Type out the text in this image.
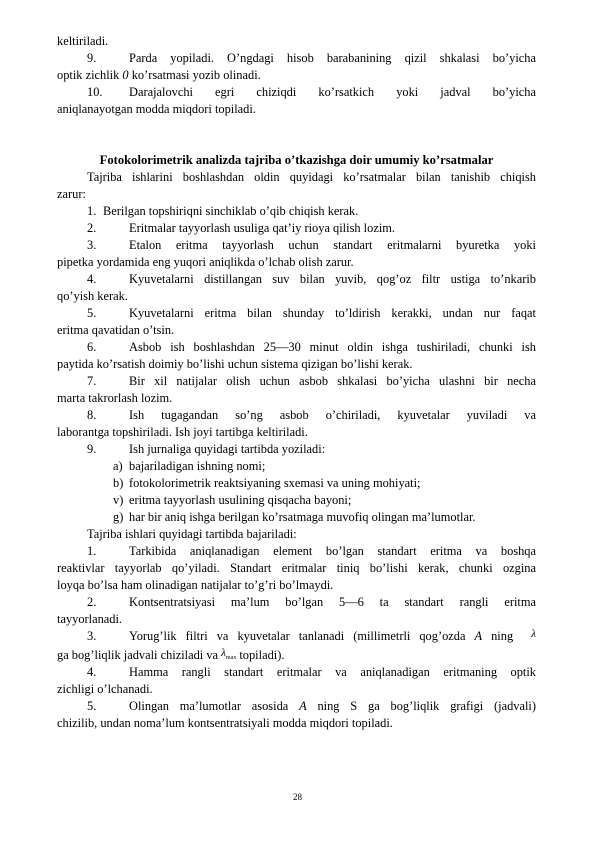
keltiriladi.
9.	Parda yopiladi. O’ngdagi hisob barabanining qizil shkalasi bo’yicha
optik zichlik 0 ko’rsatmasi yozib olinadi.
10. Darajalovchi egri chiziqdi ko’rsatkich yoki jadval bo’yicha
aniqlanayotgan modda miqdori topiladi.
Fotokolorimetrik analizda tajriba o’tkazishga doir umumiy ko’rsatmalar
Tajriba ishlarini boshlashdan oldin quyidagi ko’rsatmalar bilan tanishib chiqish
zarur:
1. Berilgan topshiriqni sinchiklab o’qib chiqish kerak.
2.	Eritmalar tayyorlash usuliga qat’iy rioya qilish lozim.
3.	Etalon eritma tayyorlash uchun standart eritmalarni byuretka yoki
pipetka yordamida eng yuqori aniqlikda o’lchab olish zarur.
4.	Kyuvetalarni distillangan suv bilan yuvib, qog’oz filtr ustiga to’nkarib
qo’yish kerak.
5.	Kyuvetalarni eritma bilan shunday to’ldirish kerakki, undan nur faqat
eritma qavatidan o’tsin.
6.	Asbob ish boshlashdan 25—30 minut oldin ishga tushiriladi, chunki ish
paytida ko’rsatish doimiy bo’lishi uchun sistema qizigan bo’lishi kerak.
7.	Bir xil natijalar olish uchun asbob shkalasi bo’yicha ulashni bir necha
marta takrorlash lozim.
8.	Ish tugagandan so’ng asbob o’chiriladi, kyuvetalar yuviladi va
laborantga topshiriladi. Ish joyi tartibga keltiriladi.
9.	Ish jurnaliga quyidagi tartibda yoziladi:
a) bajariladigan ishning nomi;
b) fotokolorimetrik reaktsiyaning sxemasi va uning mohiyati;
v) eritma tayyorlash usulining qisqacha bayoni;
g) har bir aniq ishga berilgan ko’rsatmaga muvofiq olingan ma’lumotlar.
Tajriba ishlari quyidagi tartibda bajariladi:
1.	Tarkibida aniqlanadigan element bo’lgan standart eritma va boshqa
reaktivlar tayyorlab qo’yiladi. Standart eritmalar tiniq bo’lishi kerak, chunki ozgina
loyqa bo’lsa ham olinadigan natijalar to’g’ri bo’lmaydi.
2.	Kontsentratsiyasi ma’lum bo’lgan 5—6 ta standart rangli eritma
tayyorlanadi.
3.	Yorug’lik filtri va kyuvetalar tanlanadi (millimetrli qog’ozda A ning  λ
ga bog’liqlik jadvali chiziladi va λmax topiladi).
4.	Hamma rangli standart eritmalar va aniqlanadigan eritmaning optik
zichligi o’lchanadi.
5.	Olingan ma’lumotlar asosida A ning S ga bog’liqlik grafigi (jadvali)
chizilib, undan noma’lum kontsentratsiyali modda miqdori topiladi.
28
